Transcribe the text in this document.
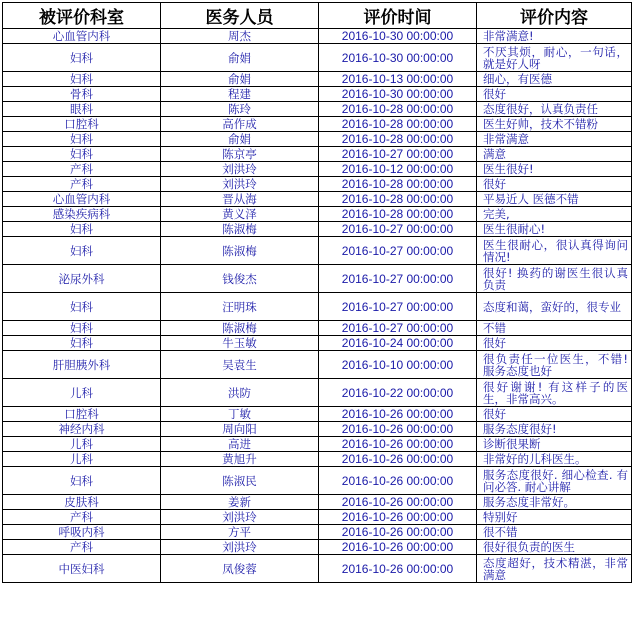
被评价科室	医务人员	评价时间	评价内容
心血管内科	周杰	2016-10-30 00:00:00	非常满意!
妇科	俞娟	2016-10-30 00:00:00	不厌其烦，耐心，一句话，就是好人呀
妇科	俞娟	2016-10-13 00:00:00	细心，有医德
骨科	程建	2016-10-30 00:00:00	很好
眼科	陈玲	2016-10-28 00:00:00	态度很好，认真负责任
口腔科	高作成	2016-10-28 00:00:00	医生好帅，技术不错粉
妇科	俞娟	2016-10-28 00:00:00	非常满意
妇科	陈京亭	2016-10-27 00:00:00	满意
产科	刘洪玲	2016-10-12 00:00:00	医生很好!
产科	刘洪玲	2016-10-28 00:00:00	很好
心血管内科	晋从海	2016-10-28 00:00:00	平易近人 医德不错
感染疾病科	黄义泽	2016-10-28 00:00:00	完美,
妇科	陈淑梅	2016-10-27 00:00:00	医生很耐心!
妇科	陈淑梅	2016-10-27 00:00:00	医生很耐心，很认真得询问情况!
泌尿外科	钱俊杰	2016-10-27 00:00:00	很好! 换药的谢医生很认真负责
妇科	汪明珠	2016-10-27 00:00:00	态度和蔼，蛮好的，很专业
妇科	陈淑梅	2016-10-27 00:00:00	不错
妇科	牛玉敏	2016-10-24 00:00:00	很好
肝胆胰外科	吴袁生	2016-10-10 00:00:00	很负责任一位医生，不错! 服务态度也好
儿科	洪防	2016-10-22 00:00:00	很好谢谢! 有这样子的医生，非常高兴。
口腔科	丁敏	2016-10-26 00:00:00	很好
神经内科	周向阳	2016-10-26 00:00:00	服务态度很好!
儿科	高进	2016-10-26 00:00:00	诊断很果断
儿科	黄旭升	2016-10-26 00:00:00	非常好的儿科医生。
妇科	陈淑民	2016-10-26 00:00:00	服务态度很好. 细心检查. 有问必答. 耐心讲解
皮肤科	姜新	2016-10-26 00:00:00	服务态度非常好。
产科	刘洪玲	2016-10-26 00:00:00	特别好
呼吸内科	方平	2016-10-26 00:00:00	很不错
产科	刘洪玲	2016-10-26 00:00:00	很好很负责的医生
中医妇科	凤俊蓉	2016-10-26 00:00:00	态度超好，技术精湛，非常满意
